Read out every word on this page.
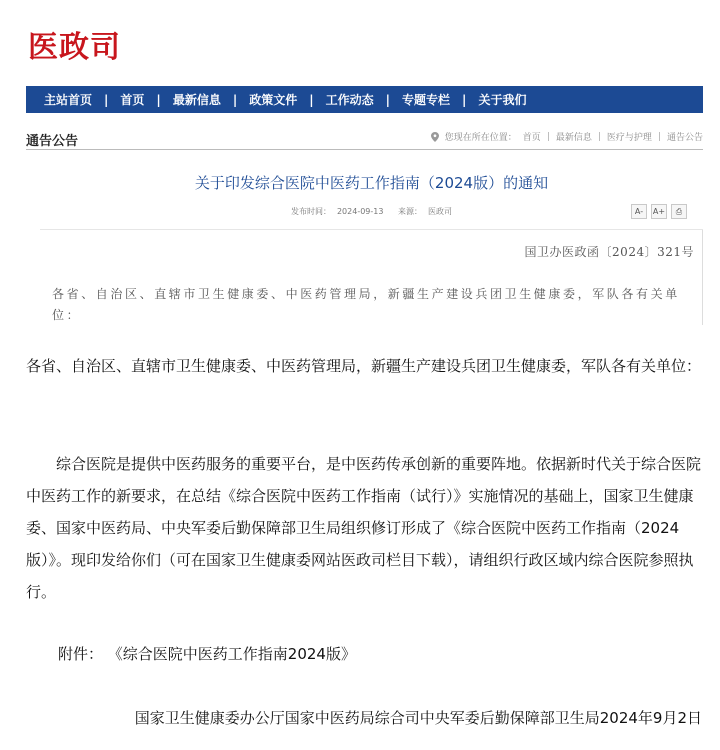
医政司
主站首页	|	首页	|	最新信息	|	政策文件	|	工作动态	|	专题专栏	|	关于我们
通告公告	您现在所在位置： 首页 | 最新信息 | 医疗与护理 | 通告公告
关于印发综合医院中医药工作指南（2024版）的通知
发布时间： 2024-09-13 来源： 医政司	A-	A+	⎙
国卫办医政函〔2024〕321号
各省、自治区、直辖市卫生健康委、中医药管理局，新疆生产建设兵团卫生健康委，军队各有关单位：
各省、自治区、直辖市卫生健康委、中医药管理局，新疆生产建设兵团卫生健康委，军队各有关单位：
综合医院是提供中医药服务的重要平台，是中医药传承创新的重要阵地。依据新时代关于综合医院中医药工作的新要求，在总结《综合医院中医药工作指南（试行）》实施情况的基础上，国家卫生健康委、国家中医药局、中央军委后勤保障部卫生局组织修订形成了《综合医院中医药工作指南（2024版）》。现印发给你们（可在国家卫生健康委网站医政司栏目下载），请组织行政区域内综合医院参照执行。
附件： 《综合医院中医药工作指南2024版》
国家卫生健康委办公厅国家中医药局综合司中央军委后勤保障部卫生局2024年9月2日
